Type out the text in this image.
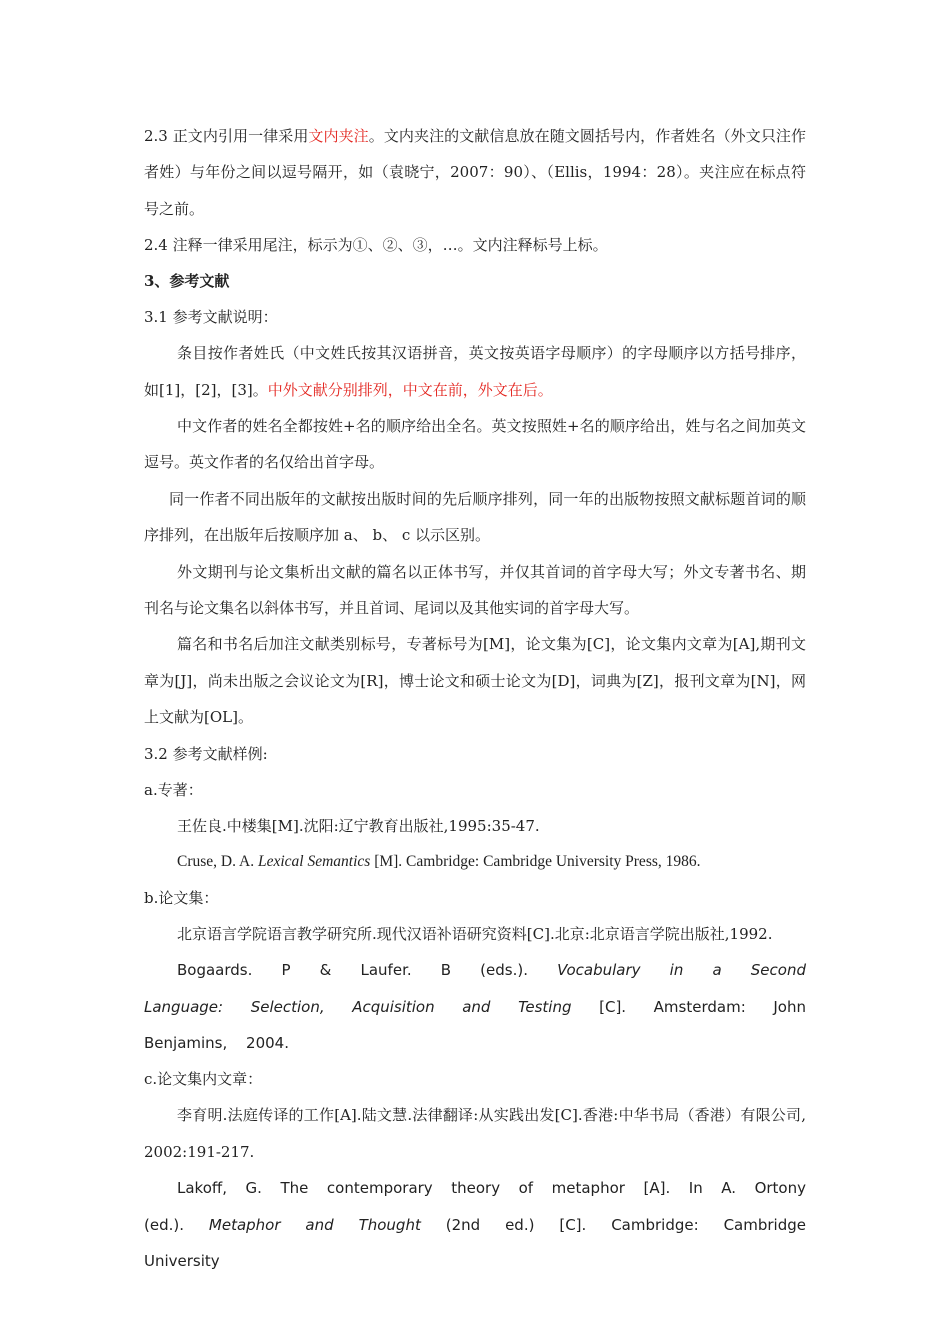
2.3 正文内引用一律采用文内夹注。文内夹注的文献信息放在随文圆括号内，作者姓名（外文只注作者姓）与年份之间以逗号隔开，如（袁晓宁，2007：90）、（Ellis，1994：28）。夹注应在标点符号之前。

2.4 注释一律采用尾注，标示为①、②、③，…。文内注释标号上标。

3、参考文献

3.1 参考文献说明：

条目按作者姓氏（中文姓氏按其汉语拼音，英文按英语字母顺序）的字母顺序以方括号排序，如[1]，[2]，[3]。中外文献分别排列，中文在前，外文在后。

中文作者的姓名全都按姓+名的顺序给出全名。英文按照姓+名的顺序给出，姓与名之间加英文逗号。英文作者的名仅给出首字母。

同一作者不同出版年的文献按出版时间的先后顺序排列，同一年的出版物按照文献标题首词的顺序排列，在出版年后按顺序加 a、 b、 c 以示区别。

外文期刊与论文集析出文献的篇名以正体书写，并仅其首词的首字母大写；外文专著书名、期刊名与论文集名以斜体书写，并且首词、尾词以及其他实词的首字母大写。

篇名和书名后加注文献类别标号，专著标号为[M]，论文集为[C]，论文集内文章为[A],期刊文章为[J]，尚未出版之会议论文为[R]，博士论文和硕士论文为[D]，词典为[Z]，报刊文章为[N]，网上文献为[OL]。

3.2 参考文献样例:

a.专著：

王佐良.中楼集[M].沈阳:辽宁教育出版社,1995:35-47.

Cruse, D. A. Lexical Semantics [M]. Cambridge: Cambridge University Press, 1986.

b.论文集：

北京语言学院语言教学研究所.现代汉语补语研究资料[C].北京:北京语言学院出版社,1992.

Bogaards. P & Laufer. B (eds.). Vocabulary in a Second Language: Selection, Acquisition and Testing [C]. Amsterdam: John Benjamins, 2004.

c.论文集内文章：

李育明.法庭传译的工作[A].陆文慧.法律翻译:从实践出发[C].香港:中华书局（香港）有限公司, 2002:191-217.

Lakoff, G. The contemporary theory of metaphor [A]. In A. Ortony (ed.). Metaphor and Thought (2nd ed.) [C]. Cambridge: Cambridge University
